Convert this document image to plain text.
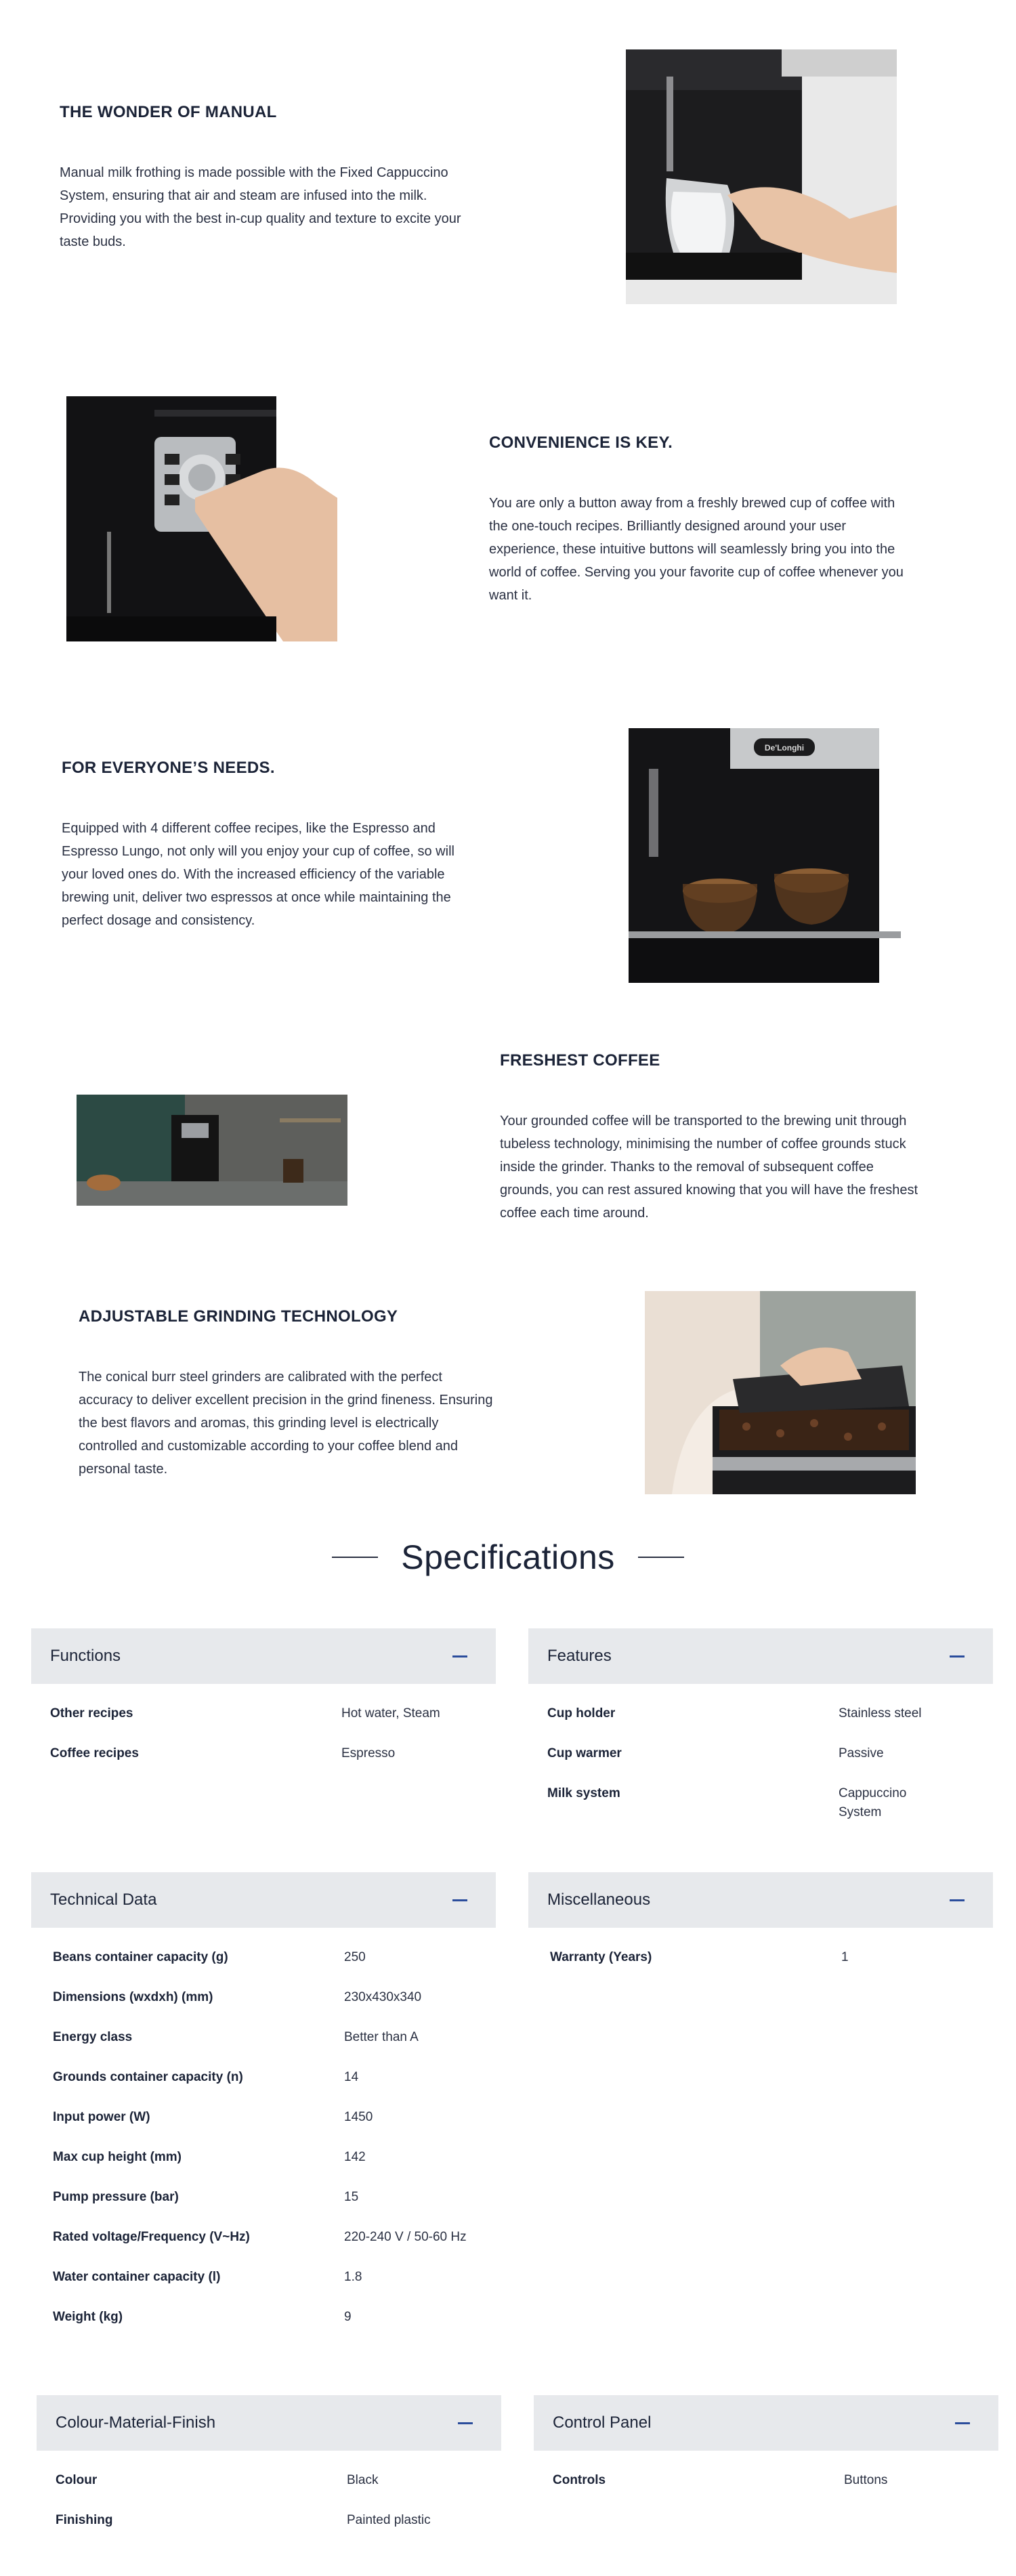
THE WONDER OF MANUAL

Manual milk frothing is made possible with the Fixed Cappuccino System, ensuring that air and steam are infused into the milk. Providing you with the best in-cup quality and texture to excite your taste buds.

CONVENIENCE IS KEY.

You are only a button away from a freshly brewed cup of coffee with the one-touch recipes. Brilliantly designed around your user experience, these intuitive buttons will seamlessly bring you into the world of coffee. Serving you your favorite cup of coffee whenever you want it.

FOR EVERYONE’S NEEDS.

Equipped with 4 different coffee recipes, like the Espresso and Espresso Lungo, not only will you enjoy your cup of coffee, so will your loved ones do. With the increased efficiency of the variable brewing unit, deliver two espressos at once while maintaining the perfect dosage and consistency.

De'Longhi
FRESHEST COFFEE

Your grounded coffee will be transported to the brewing unit through tubeless technology, minimising the number of coffee grounds stuck inside the grinder. Thanks to the removal of subsequent coffee grounds, you can rest assured knowing that you will have the freshest coffee each time around.

ADJUSTABLE GRINDING TECHNOLOGY

The conical burr steel grinders are calibrated with the perfect accuracy to deliver excellent precision in the grind fineness. Ensuring the best flavors and aromas, this grinding level is electrically controlled and customizable according to your coffee blend and personal taste.

Specifications
Functions
Other recipes	Hot water, Steam
Coffee recipes	Espresso
Features
Cup holder	Stainless steel
Cup warmer	Passive
Milk system	Cappuccino System
Technical Data
Beans container capacity (g)	250
Dimensions (wxdxh) (mm)	230x430x340
Energy class	Better than A
Grounds container capacity (n)	14
Input power (W)	1450
Max cup height (mm)	142
Pump pressure (bar)	15
Rated voltage/Frequency (V~Hz)	220-240 V / 50-60 Hz
Water container capacity (l)	1.8
Weight (kg)	9
Miscellaneous
Warranty (Years)	1
Colour-Material-Finish
Colour	Black
Finishing	Painted plastic
Control Panel
Controls	Buttons
